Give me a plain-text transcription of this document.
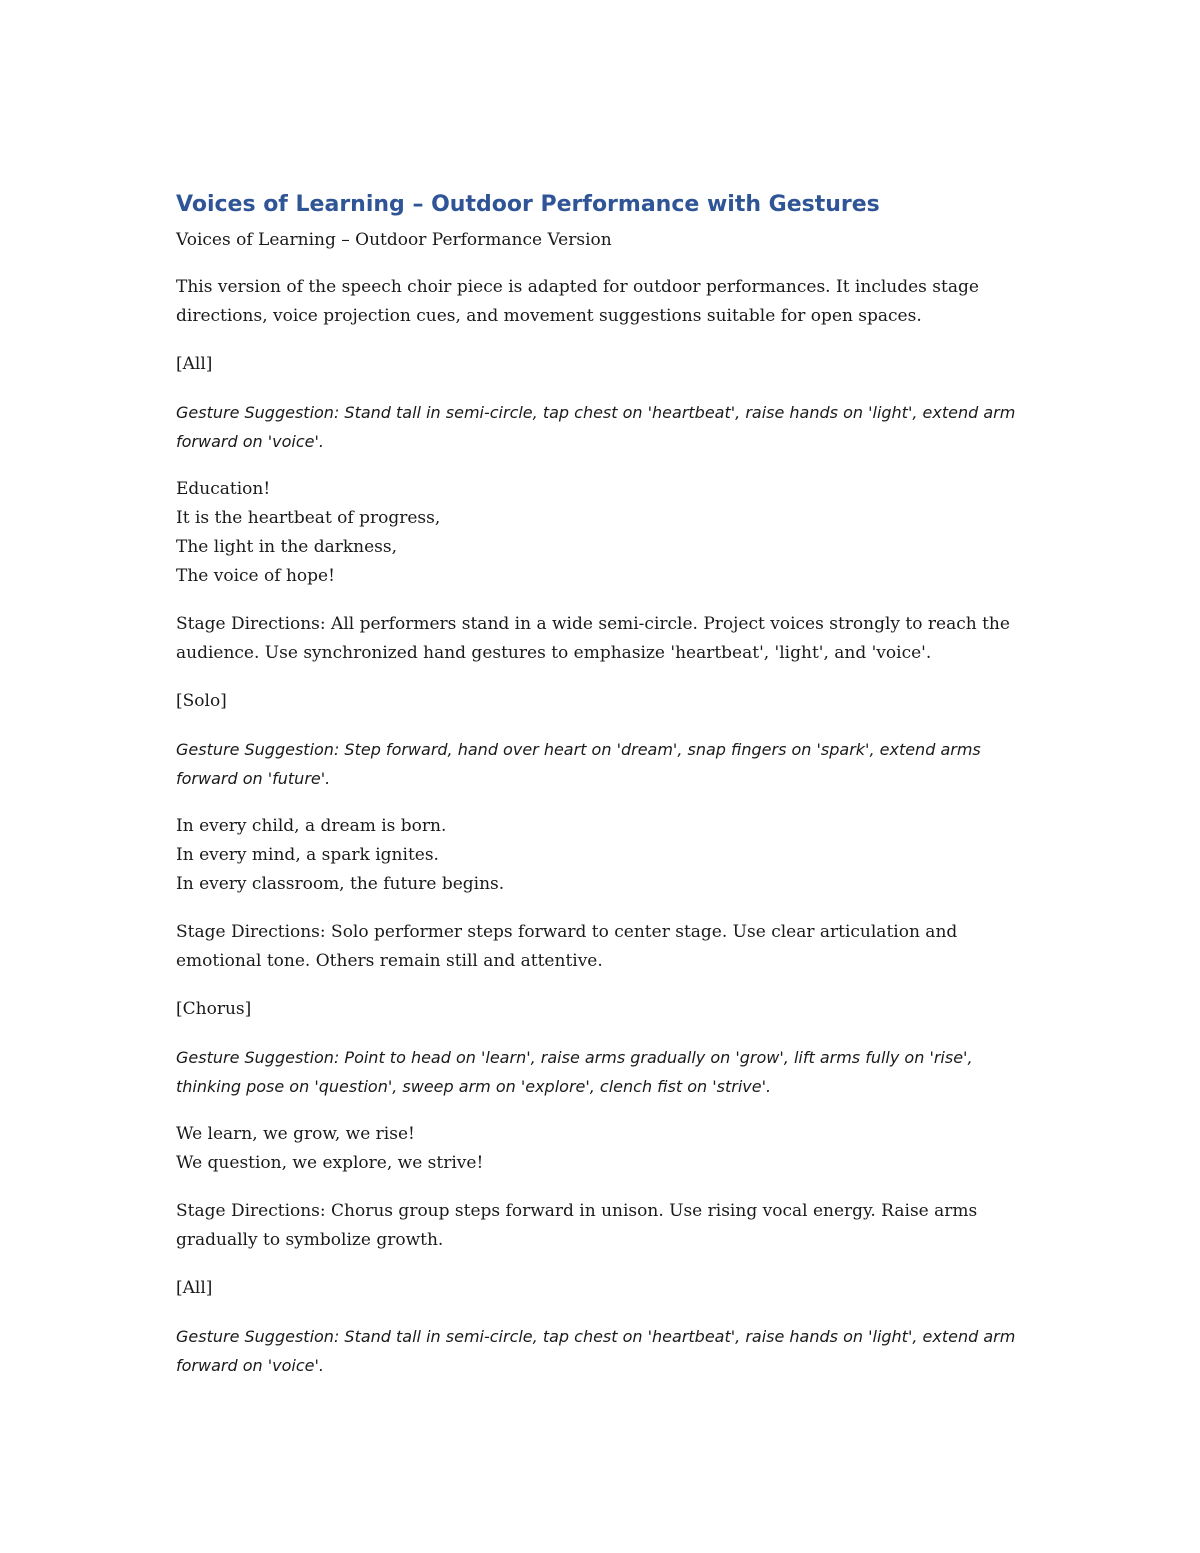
Voices of Learning – Outdoor Performance with Gestures

Voices of Learning – Outdoor Performance Version

This version of the speech choir piece is adapted for outdoor performances. It includes stage directions, voice projection cues, and movement suggestions suitable for open spaces.

[All]

Gesture Suggestion: Stand tall in semi-circle, tap chest on 'heartbeat', raise hands on 'light', extend arm forward on 'voice'.

Education!
It is the heartbeat of progress,
The light in the darkness,
The voice of hope!

Stage Directions: All performers stand in a wide semi-circle. Project voices strongly to reach the audience. Use synchronized hand gestures to emphasize 'heartbeat', 'light', and 'voice'.

[Solo]

Gesture Suggestion: Step forward, hand over heart on 'dream', snap fingers on 'spark', extend arms forward on 'future'.

In every child, a dream is born.
In every mind, a spark ignites.
In every classroom, the future begins.

Stage Directions: Solo performer steps forward to center stage. Use clear articulation and emotional tone. Others remain still and attentive.

[Chorus]

Gesture Suggestion: Point to head on 'learn', raise arms gradually on 'grow', lift arms fully on 'rise', thinking pose on 'question', sweep arm on 'explore', clench fist on 'strive'.

We learn, we grow, we rise!
We question, we explore, we strive!

Stage Directions: Chorus group steps forward in unison. Use rising vocal energy. Raise arms gradually to symbolize growth.

[All]

Gesture Suggestion: Stand tall in semi-circle, tap chest on 'heartbeat', raise hands on 'light', extend arm forward on 'voice'.
